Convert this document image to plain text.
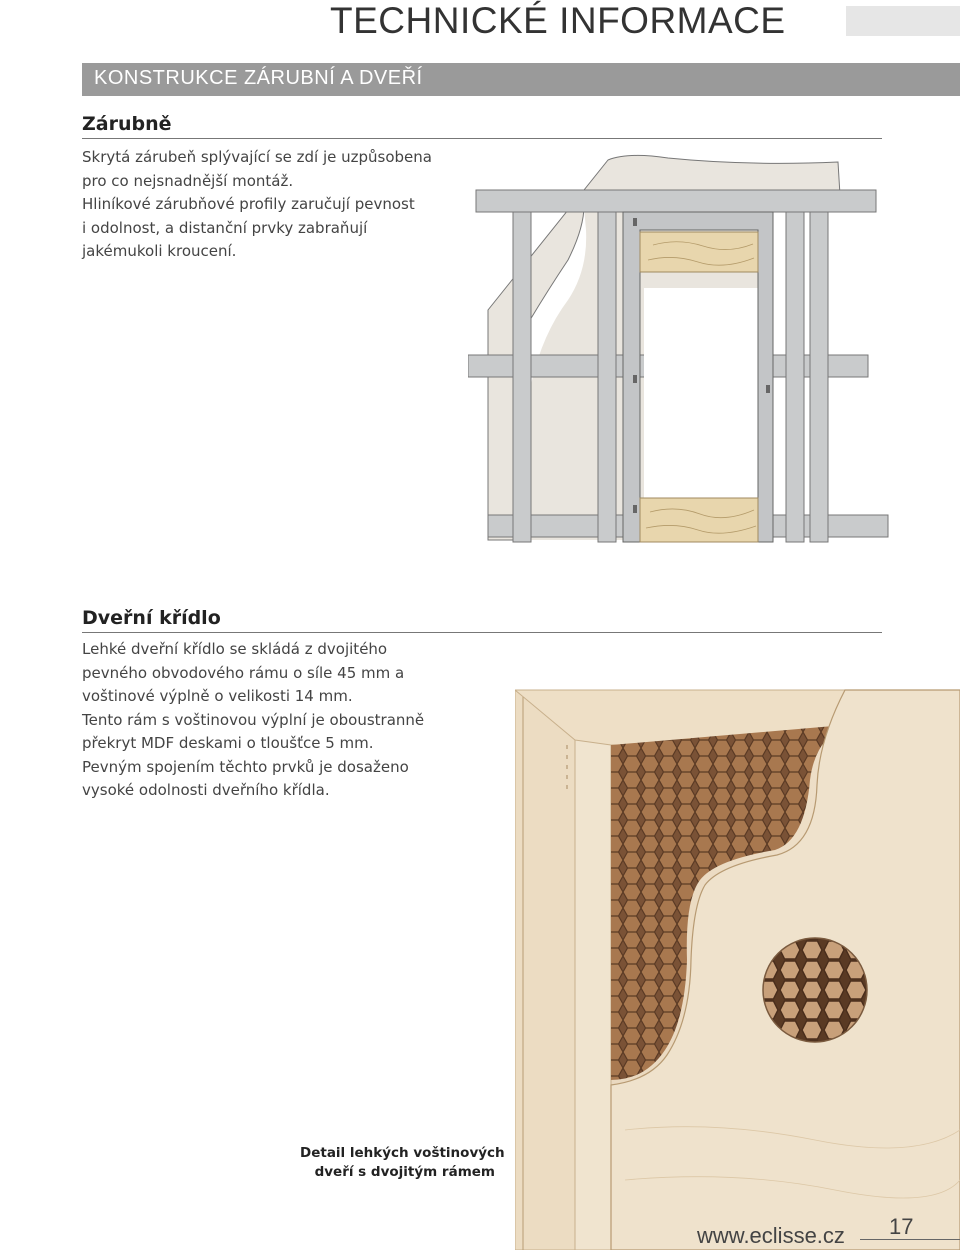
TECHNICKÉ INFORMACE
KONSTRUKCE ZÁRUBNÍ A DVEŘÍ
Zárubně

Skrytá zárubeň splývající se zdí je uzpůsobena
pro co nejsnadnější montáž.
Hliníkové zárubňové profily zaručují pevnost
i odolnost, a distanční prvky zabraňují
jakémukoli kroucení.

Dveřní křídlo

Lehké dveřní křídlo se skládá z dvojitého
pevného obvodového rámu o síle 45 mm a
voštinové výplně o velikosti 14 mm.
Tento rám s voštinovou výplní je oboustranně
překryt MDF deskami o tloušťce 5 mm.
Pevným spojením těchto prvků je dosaženo
vysoké odolnosti dveřního křídla.

Detail lehkých voštinových
dveří s dvojitým rámem
www.eclisse.cz 17
